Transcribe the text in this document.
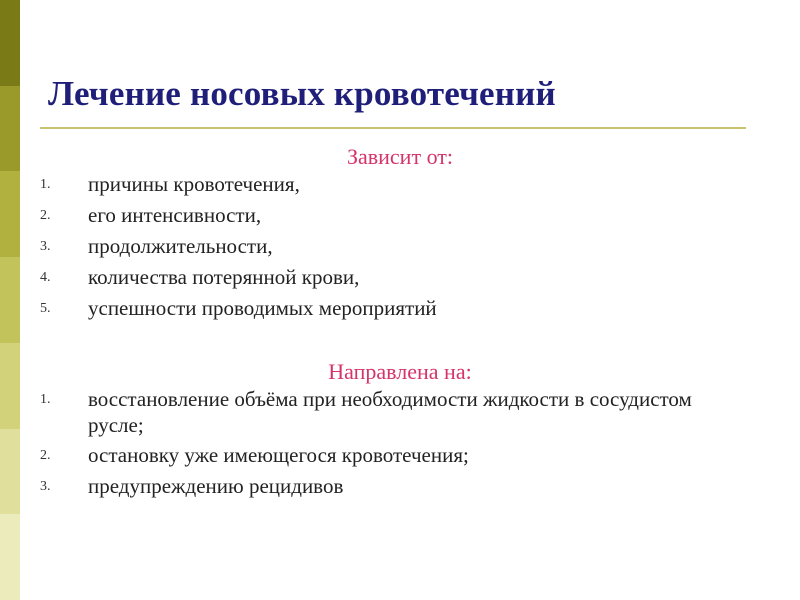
Лечение носовых кровотечений
Зависит от:
1.	причины кровотечения,
2.	его интенсивности,
3.	продолжительности,
4.	количества потерянной крови,
5.	успешности проводимых мероприятий
Направлена на:
1.	восстановление объёма при необходимости жидкости в сосудистом русле;
2.	остановку уже имеющегося кровотечения;
3.	предупреждению рецидивов
